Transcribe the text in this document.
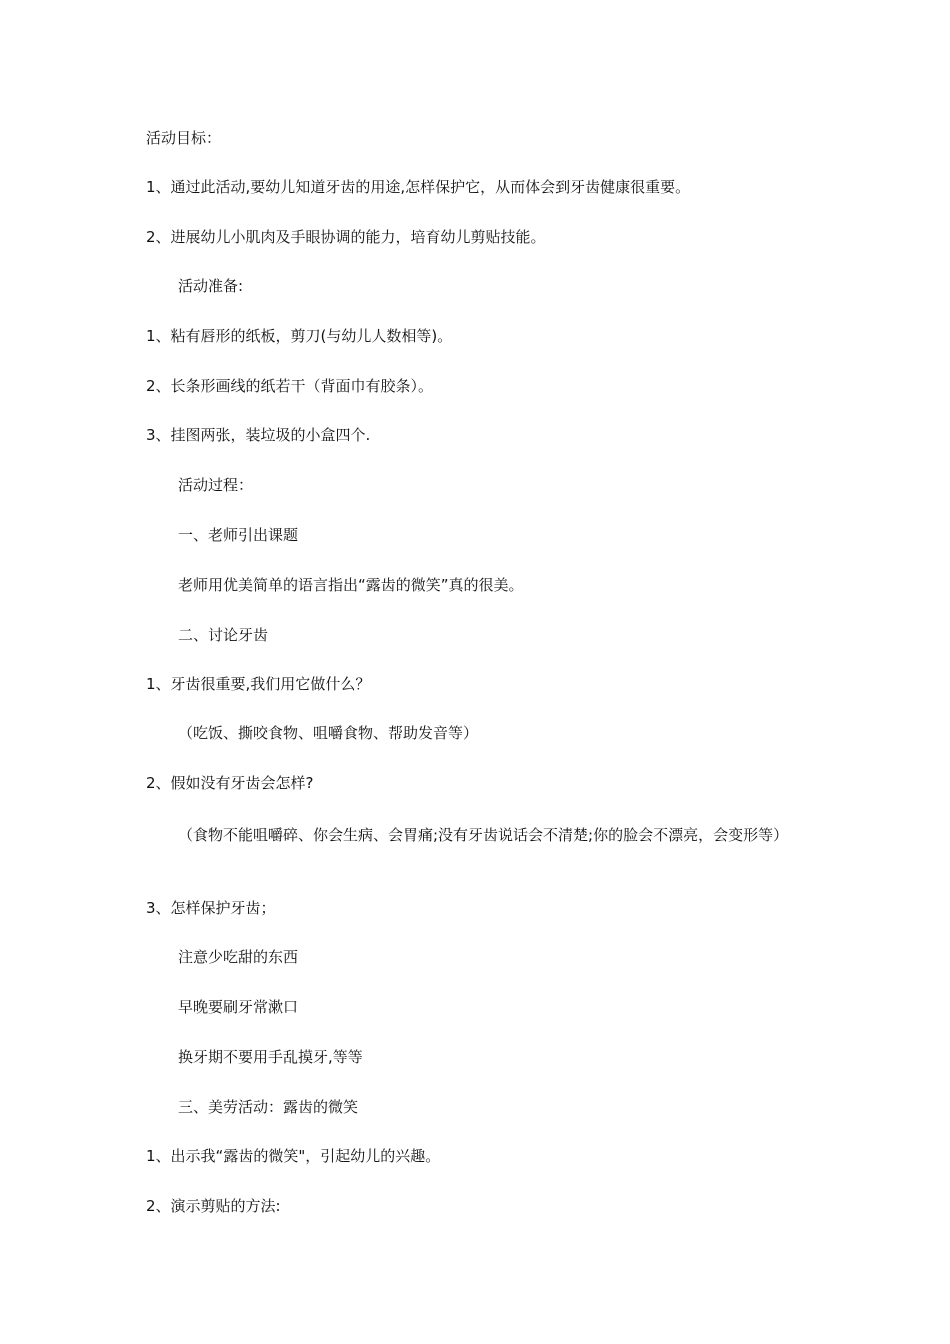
活动目标：
1、通过此活动,要幼儿知道牙齿的用途,怎样保护它，从而体会到牙齿健康很重要。
2、进展幼儿小肌肉及手眼协调的能力，培育幼儿剪贴技能。
活动准备:
1、粘有唇形的纸板，剪刀(与幼儿人数相等)。
2、长条形画线的纸若干（背面巾有胶条）。
3、挂图两张，装垃圾的小盒四个.
活动过程：
一、老师引出课题
老师用优美简单的语言指出“露齿的微笑”真的很美。
二、讨论牙齿
1、牙齿很重要,我们用它做什么？
（吃饭、撕咬食物、咀嚼食物、帮助发音等）
2、假如没有牙齿会怎样?
（食物不能咀嚼碎、你会生病、会胃痛;没有牙齿说话会不清楚;你的脸会不漂亮，会变形等）
3、怎样保护牙齿；
注意少吃甜的东西
早晚要刷牙常漱口
换牙期不要用手乱摸牙,等等
三、美劳活动：露齿的微笑
1、出示我“露齿的微笑"，引起幼儿的兴趣。
2、演示剪贴的方法:
